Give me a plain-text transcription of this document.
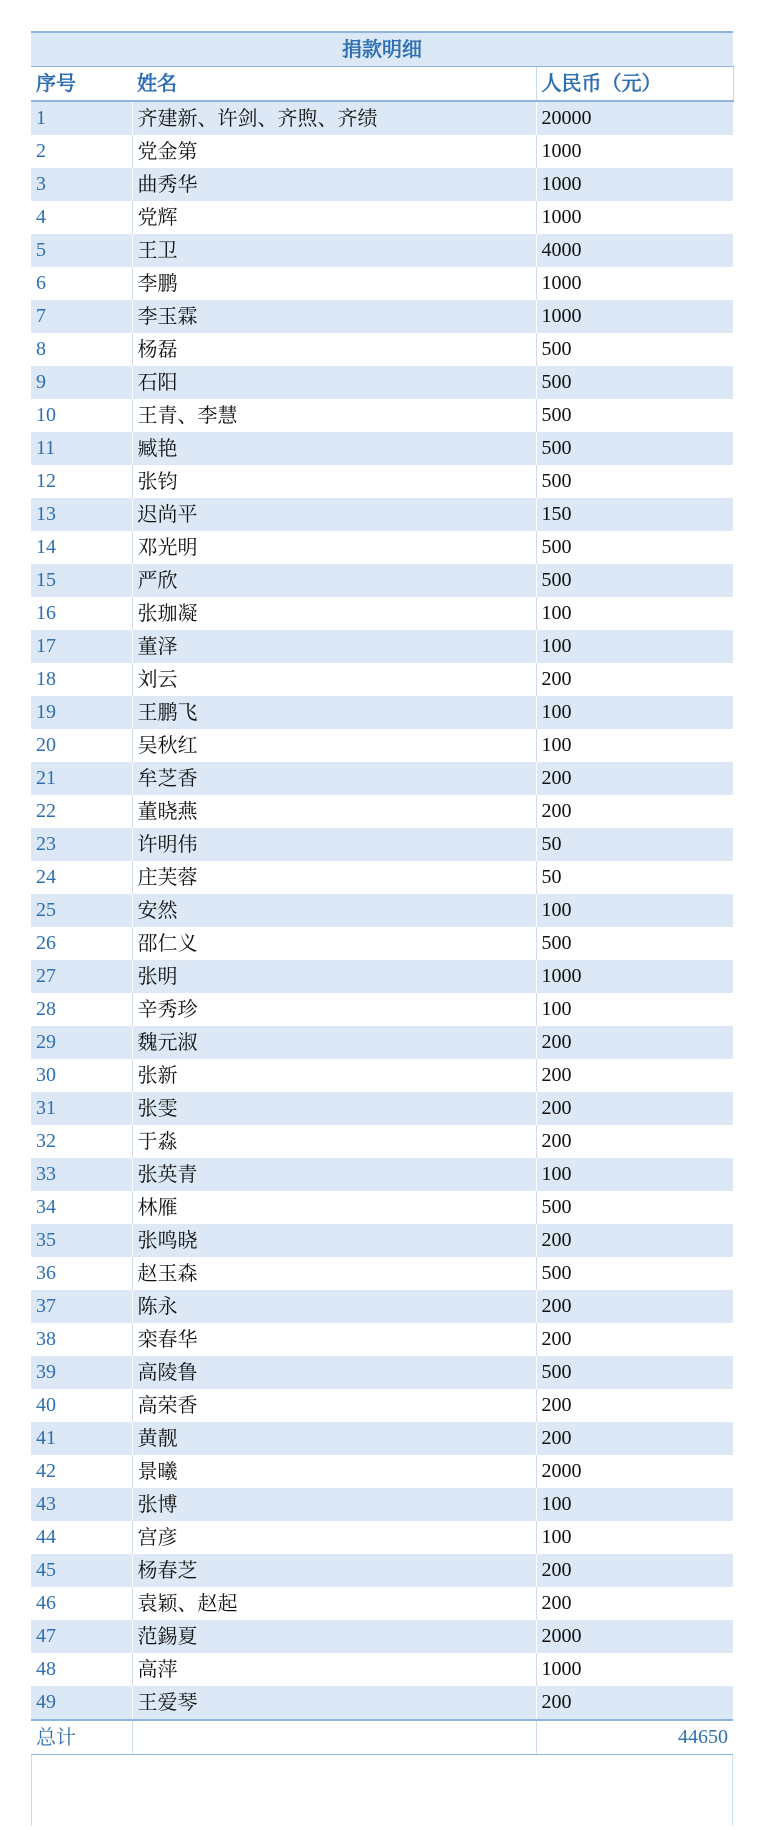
捐款明细		
序号	姓名	人民币（元）
1	齐建新、许剑、齐煦、齐绩	20000
2	党金第	1000
3	曲秀华	1000
4	党辉	1000
5	王卫	4000
6	李鹏	1000
7	李玉霖	1000
8	杨磊	500
9	石阳	500
10	王青、李慧	500
11	臧艳	500
12	张钧	500
13	迟尚平	150
14	邓光明	500
15	严欣	500
16	张珈凝	100
17	董泽	100
18	刘云	200
19	王鹏飞	100
20	吴秋红	100
21	牟芝香	200
22	董晓燕	200
23	许明伟	50
24	庄芙蓉	50
25	安然	100
26	邵仁义	500
27	张明	1000
28	辛秀珍	100
29	魏元淑	200
30	张新	200
31	张雯	200
32	于淼	200
33	张英青	100
34	林雁	500
35	张鸣晓	200
36	赵玉森	500
37	陈永	200
38	栾春华	200
39	高陵鲁	500
40	高荣香	200
41	黄靓	200
42	景曦	2000
43	张博	100
44	宫彦	100
45	杨春芝	200
46	袁颖、赵起	200
47	范錫夏	2000
48	高萍	1000
49	王爱琴	200
总计		44650
